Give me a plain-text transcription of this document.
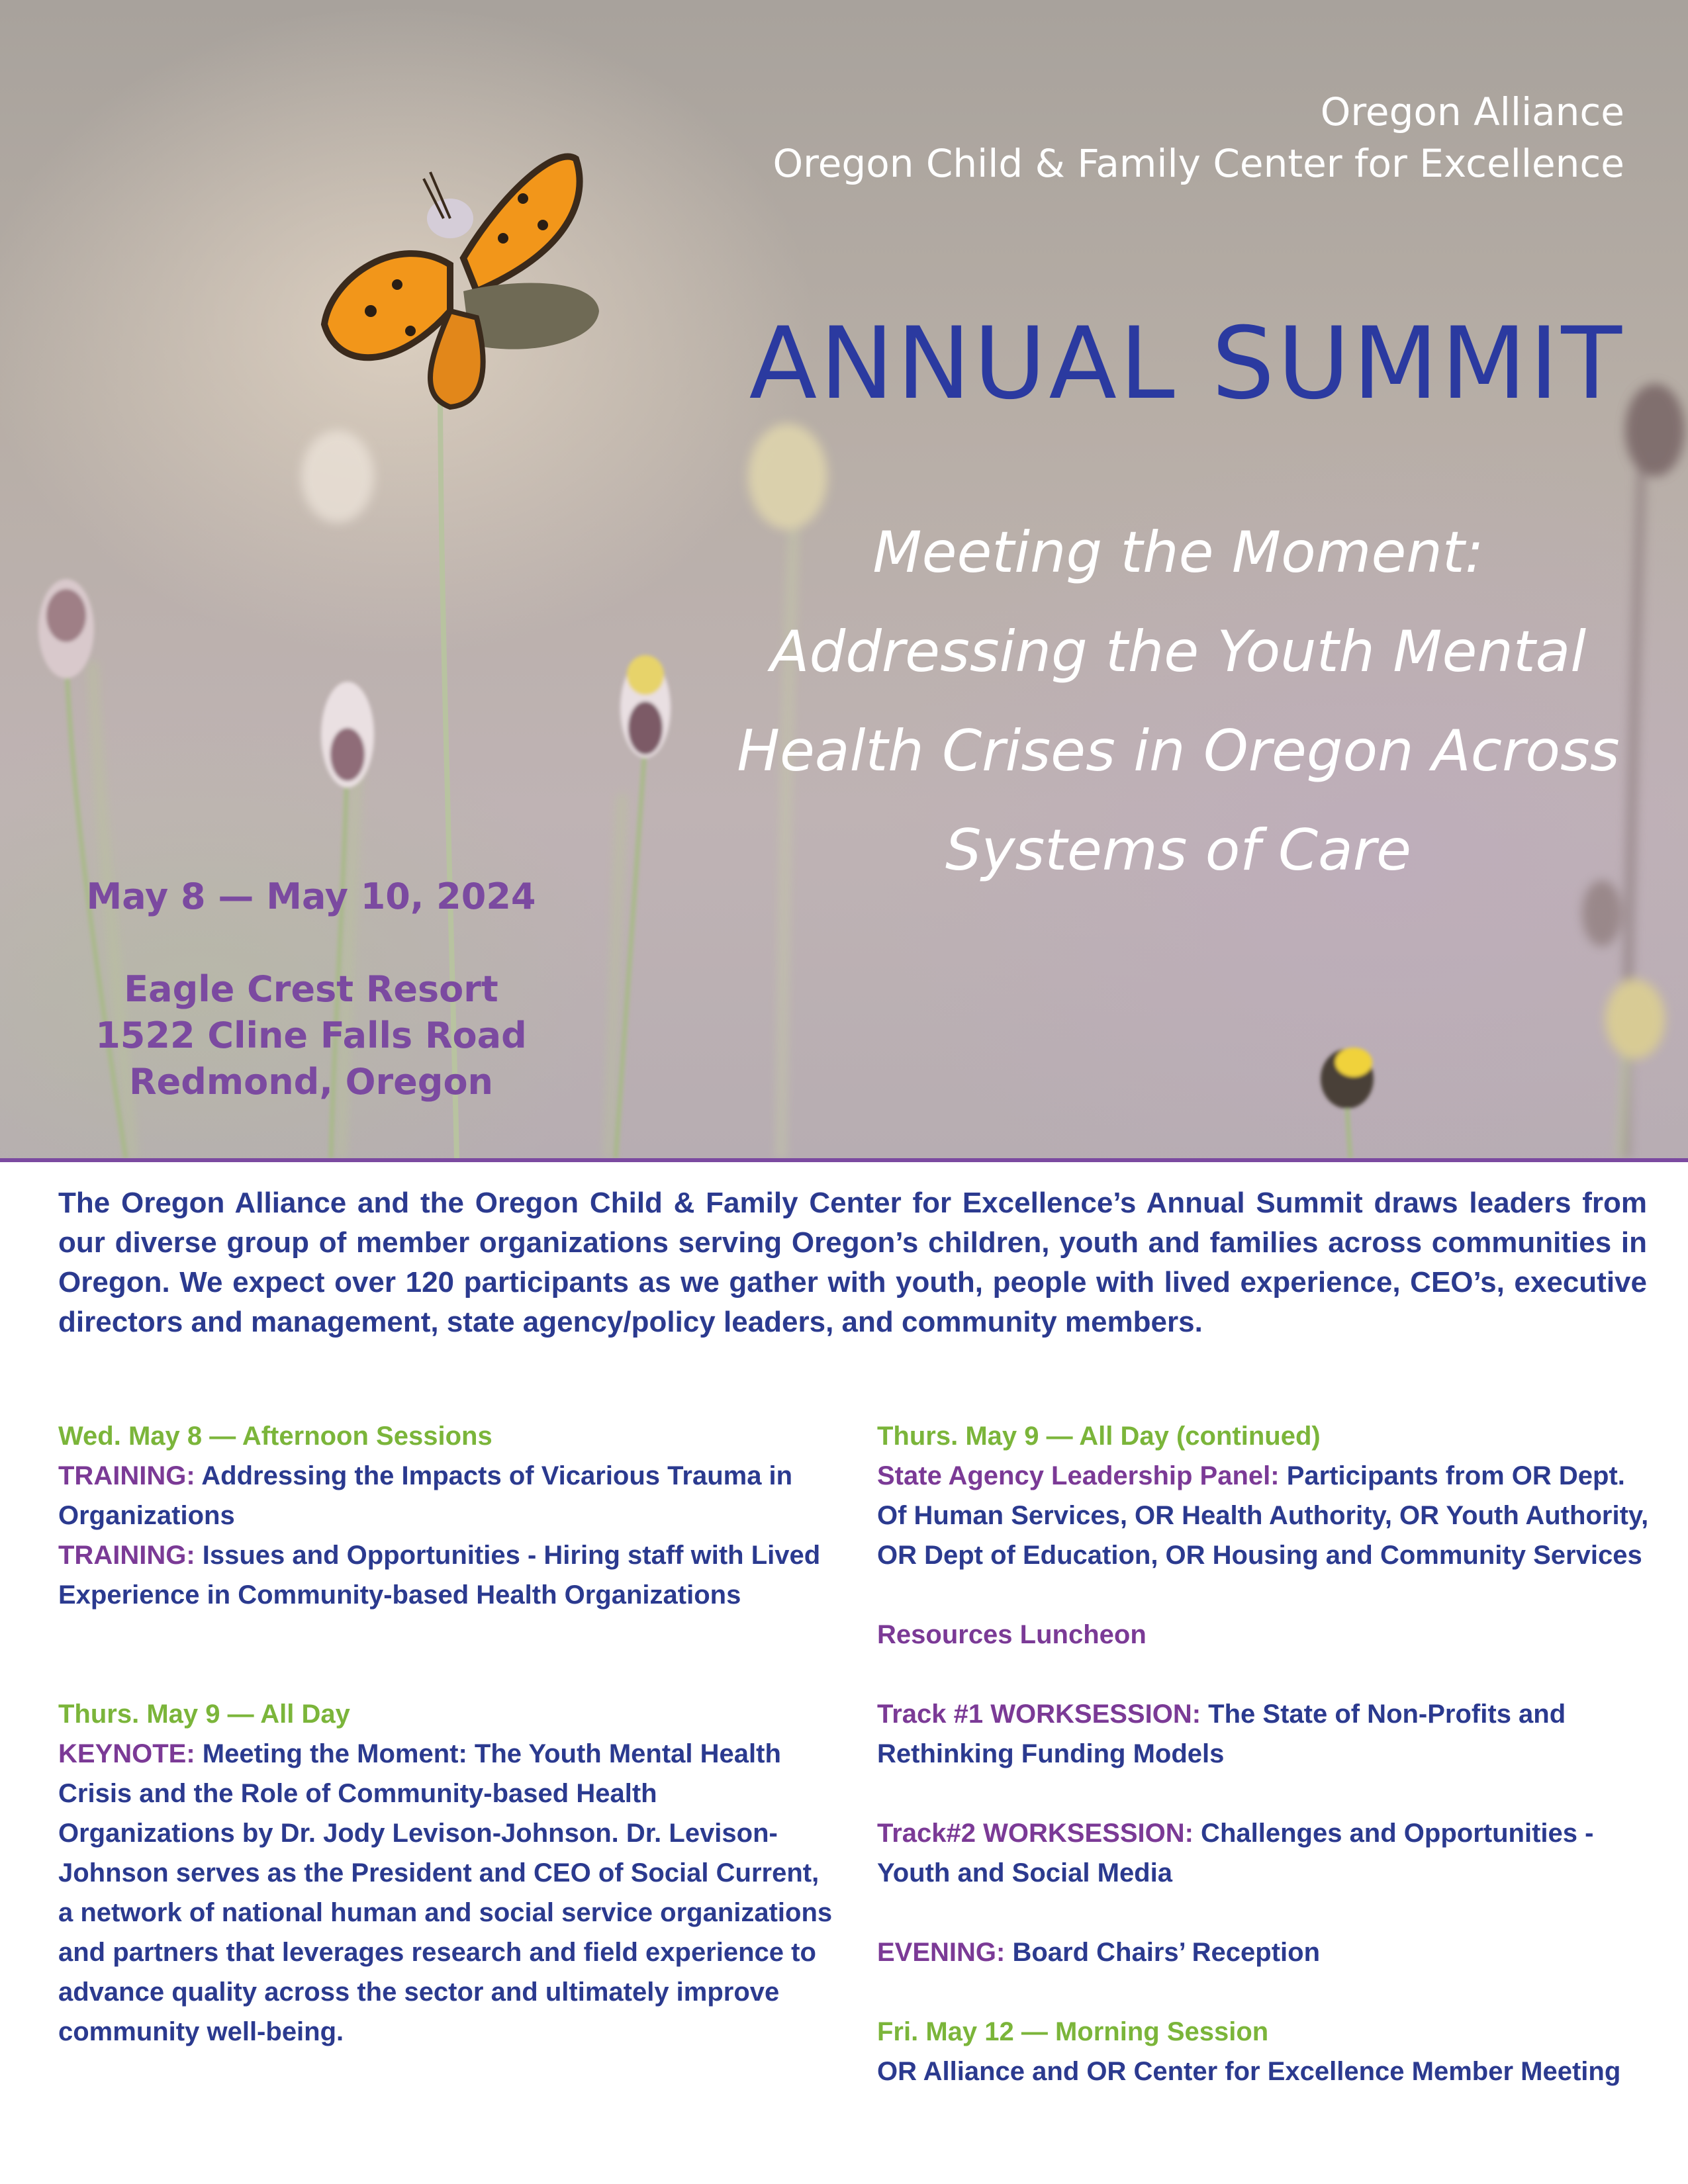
Oregon Alliance
Oregon Child & Family Center for Excellence
ANNUAL SUMMIT
Meeting the Moment:
Addressing the Youth Mental
Health Crises in Oregon Across
Systems of Care
May 8 — May 10, 2024
Eagle Crest Resort
1522 Cline Falls Road
Redmond, Oregon
The Oregon Alliance and the Oregon Child & Family Center for Excellence’s Annual Summit draws leaders from our diverse group of member organizations serving Oregon’s children, youth and families across communities in Oregon. We expect over 120 participants as we gather with youth, people with lived experience, CEO’s, executive directors and management, state agency/policy leaders, and community members.

Wed. May 8 — Afternoon Sessions

TRAINING: Addressing the Impacts of Vicarious Trauma in Organizations

TRAINING: Issues and Opportunities - Hiring staff with Lived Experience in Community-based Health Organizations

Thurs. May 9 — All Day

KEYNOTE: Meeting the Moment: The Youth Mental Health Crisis and the Role of Community-based Health Organizations by Dr. Jody Levison-Johnson. Dr. Levison-Johnson serves as the President and CEO of Social Current, a network of national human and social service organizations and partners that leverages research and field experience to advance quality across the sector and ultimately improve community well-being.

Thurs. May 9 — All Day (continued)

State Agency Leadership Panel: Participants from OR Dept. Of Human Services, OR Health Authority, OR Youth Authority, OR Dept of Education, OR Housing and Community Services

Resources Luncheon

Track #1 WORKSESSION: The State of Non-Profits and Rethinking Funding Models

Track#2 WORKSESSION: Challenges and Opportunities - Youth and Social Media

EVENING: Board Chairs’ Reception

Fri. May 12 — Morning Session

OR Alliance and OR Center for Excellence Member Meeting
